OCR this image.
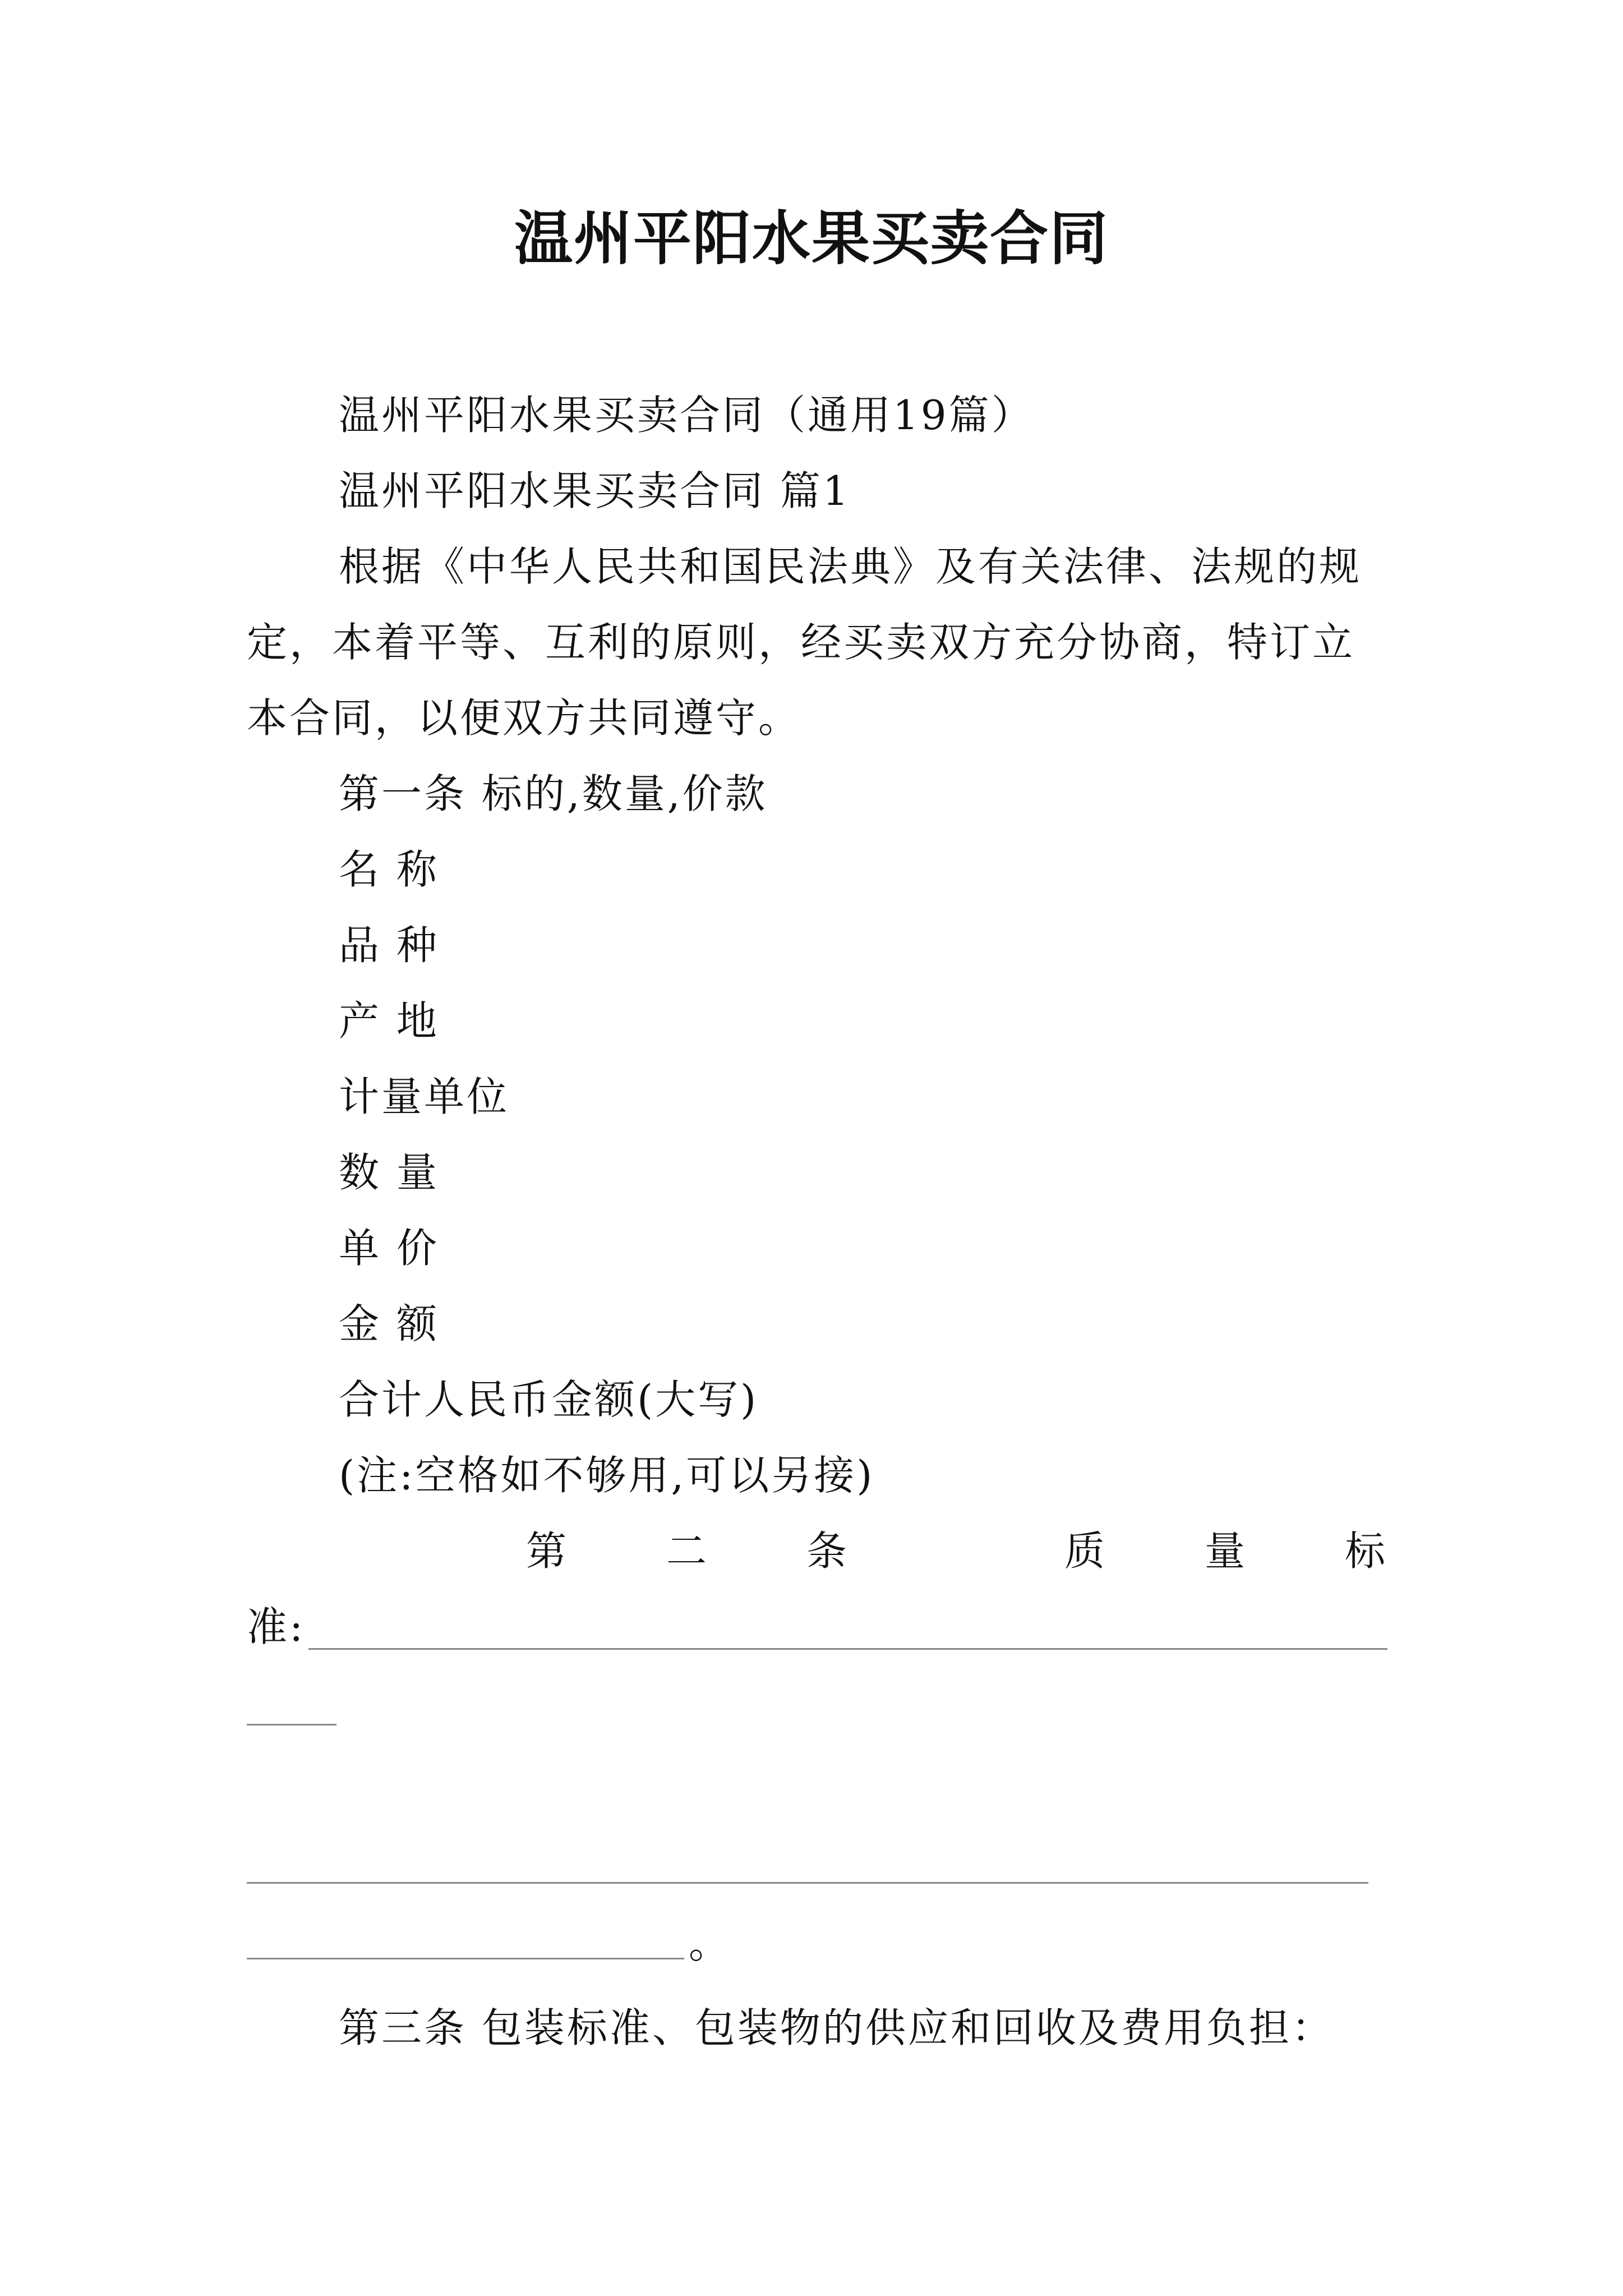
温州平阳水果买卖合同
温州平阳水果买卖合同（通用19篇）
温州平阳水果买卖合同 篇1
根据《中华人民共和国民法典》及有关法律、法规的规
定，本着平等、互利的原则，经买卖双方充分协商，特订立
本合同，以便双方共同遵守。
第一条 标的,数量,价款
名 称
品 种
产 地
计量单位
数 量
单 价
金 额
合计人民币金额(大写)
(注:空格如不够用,可以另接)
第 二 条	质 量 标
准:
。
第三条 包装标准、包装物的供应和回收及费用负担：
